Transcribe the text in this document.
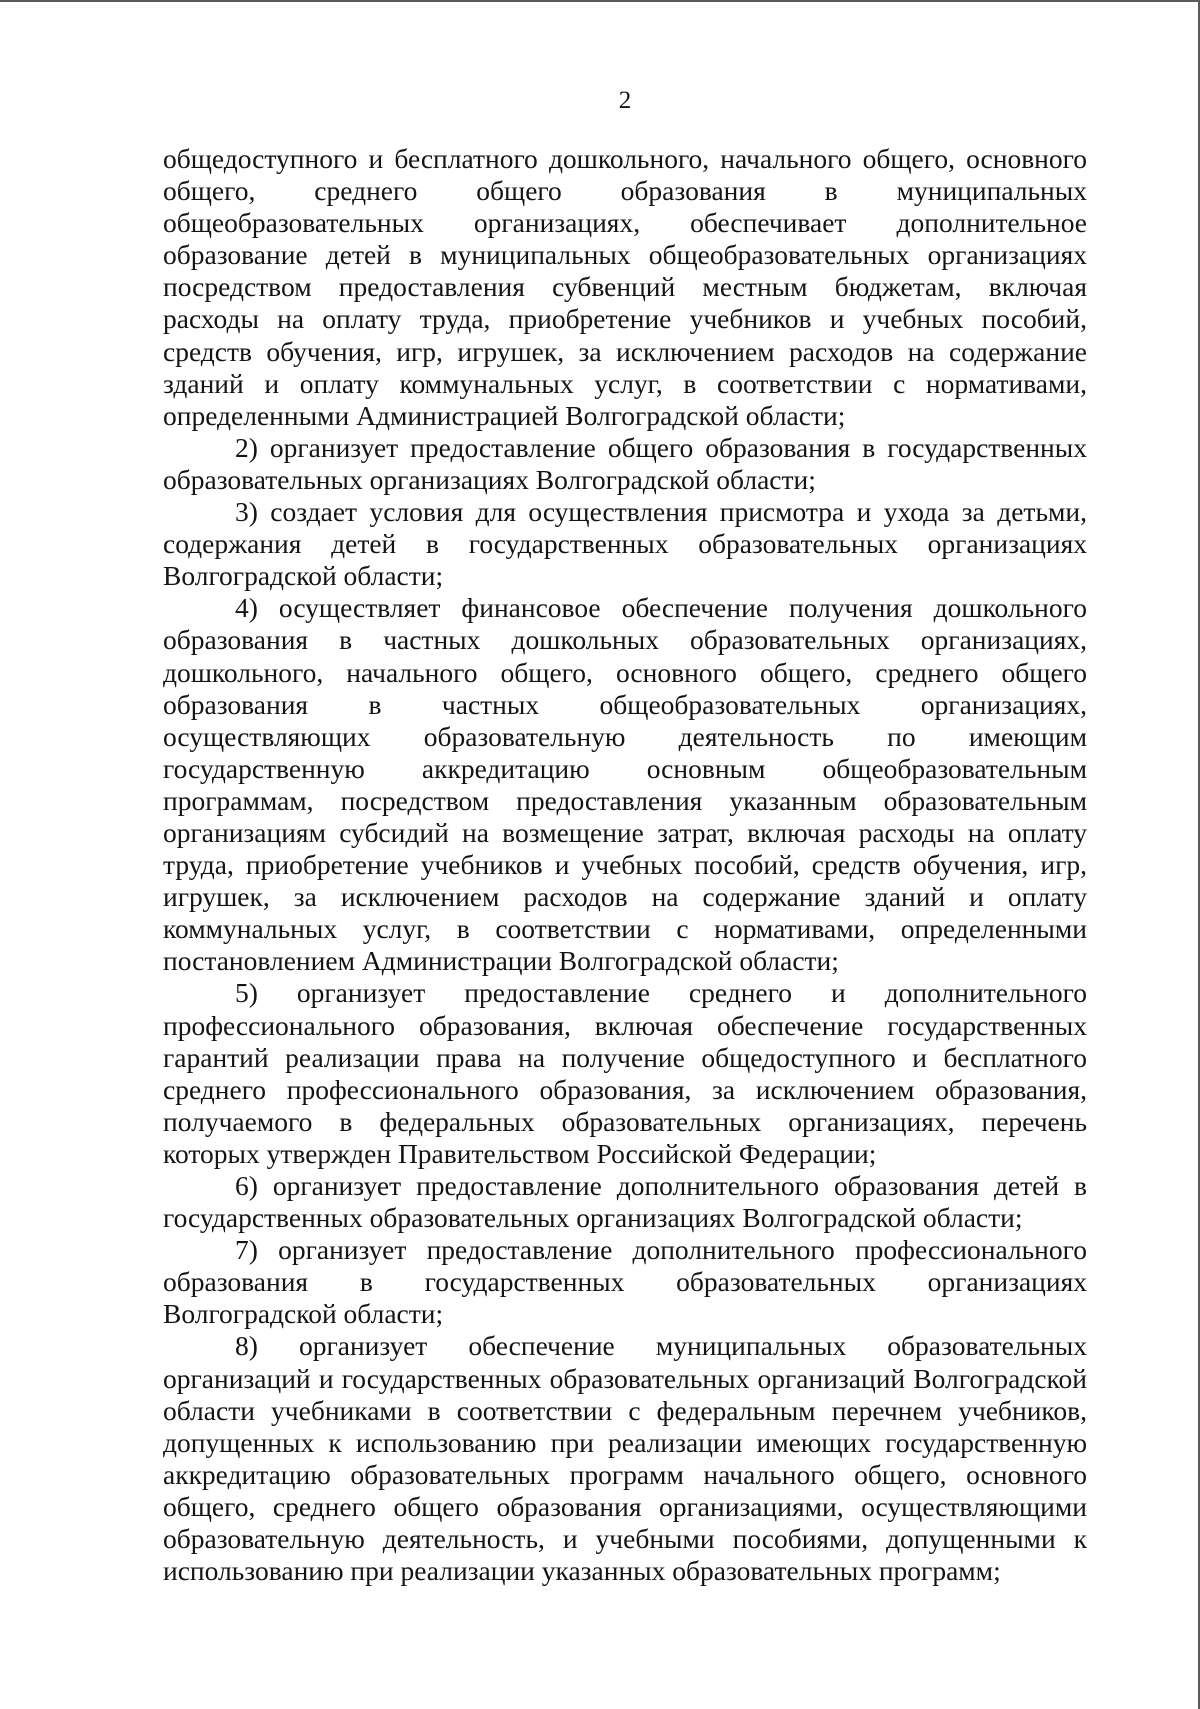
2

общедоступного и бесплатного дошкольного, начального общего, основного общего, среднего общего образования в муниципальных общеобразовательных организациях, обеспечивает дополнительное образование детей в муниципальных общеобразовательных организациях посредством предоставления субвенций местным бюджетам, включая расходы на оплату труда, приобретение учебников и учебных пособий, средств обучения, игр, игрушек, за исключением расходов на содержание зданий и оплату коммунальных услуг, в соответствии с нормативами, определенными Администрацией Волгоградской области;

2) организует предоставление общего образования в государственных образовательных организациях Волгоградской области;

3) создает условия для осуществления присмотра и ухода за детьми, содержания детей в государственных образовательных организациях Волгоградской области;

4) осуществляет финансовое обеспечение получения дошкольного образования в частных дошкольных образовательных организациях, дошкольного, начального общего, основного общего, среднего общего образования в частных общеобразовательных организациях, осуществляющих образовательную деятельность по имеющим государственную аккредитацию основным общеобразовательным программам, посредством предоставления указанным образовательным организациям субсидий на возмещение затрат, включая расходы на оплату труда, приобретение учебников и учебных пособий, средств обучения, игр, игрушек, за исключением расходов на содержание зданий и оплату коммунальных услуг, в соответствии с нормативами, определенными постановлением Администрации Волгоградской области;

5) организует предоставление среднего и дополнительного профессионального образования, включая обеспечение государственных гарантий реализации права на получение общедоступного и бесплатного среднего профессионального образования, за исключением образования, получаемого в федеральных образовательных организациях, перечень которых утвержден Правительством Российской Федерации;

6) организует предоставление дополнительного образования детей в государственных образовательных организациях Волгоградской области;

7) организует предоставление дополнительного профессионального образования в государственных образовательных организациях Волгоградской области;

8) организует обеспечение муниципальных образовательных организаций и государственных образовательных организаций Волгоградской области учебниками в соответствии с федеральным перечнем учебников, допущенных к использованию при реализации имеющих государственную аккредитацию образовательных программ начального общего, основного общего, среднего общего образования организациями, осуществляющими образовательную деятельность, и учебными пособиями, допущенными к использованию при реализации указанных образовательных программ;
